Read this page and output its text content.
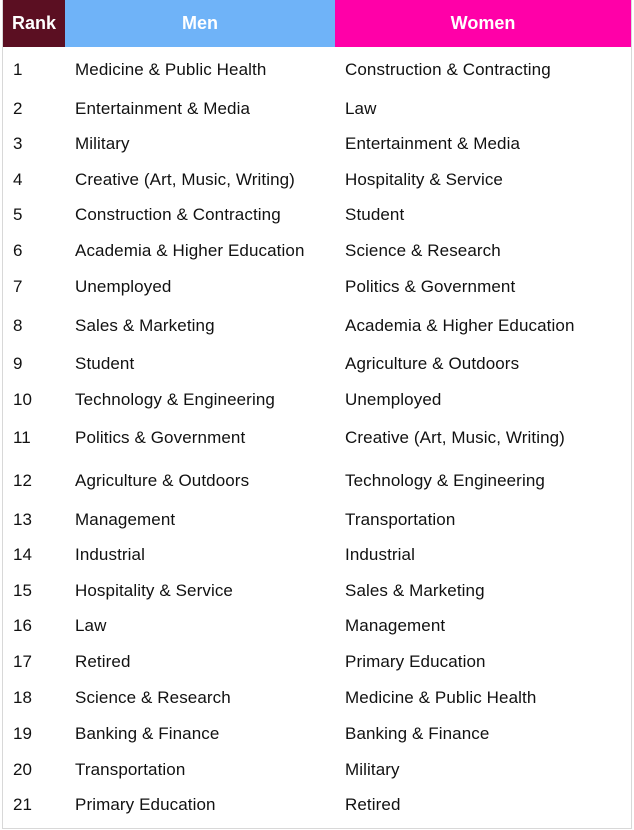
Rank	Men	Women
1	Medicine & Public Health	Construction & Contracting
2	Entertainment & Media	Law
3	Military	Entertainment & Media
4	Creative (Art, Music, Writing)	Hospitality & Service
5	Construction & Contracting	Student
6	Academia & Higher Education	Science & Research
7	Unemployed	Politics & Government
8	Sales & Marketing	Academia & Higher Education
9	Student	Agriculture & Outdoors
10	Technology & Engineering	Unemployed
11	Politics & Government	Creative (Art, Music, Writing)
12	Agriculture & Outdoors	Technology & Engineering
13	Management	Transportation
14	Industrial	Industrial
15	Hospitality & Service	Sales & Marketing
16	Law	Management
17	Retired	Primary Education
18	Science & Research	Medicine & Public Health
19	Banking & Finance	Banking & Finance
20	Transportation	Military
21	Primary Education	Retired
